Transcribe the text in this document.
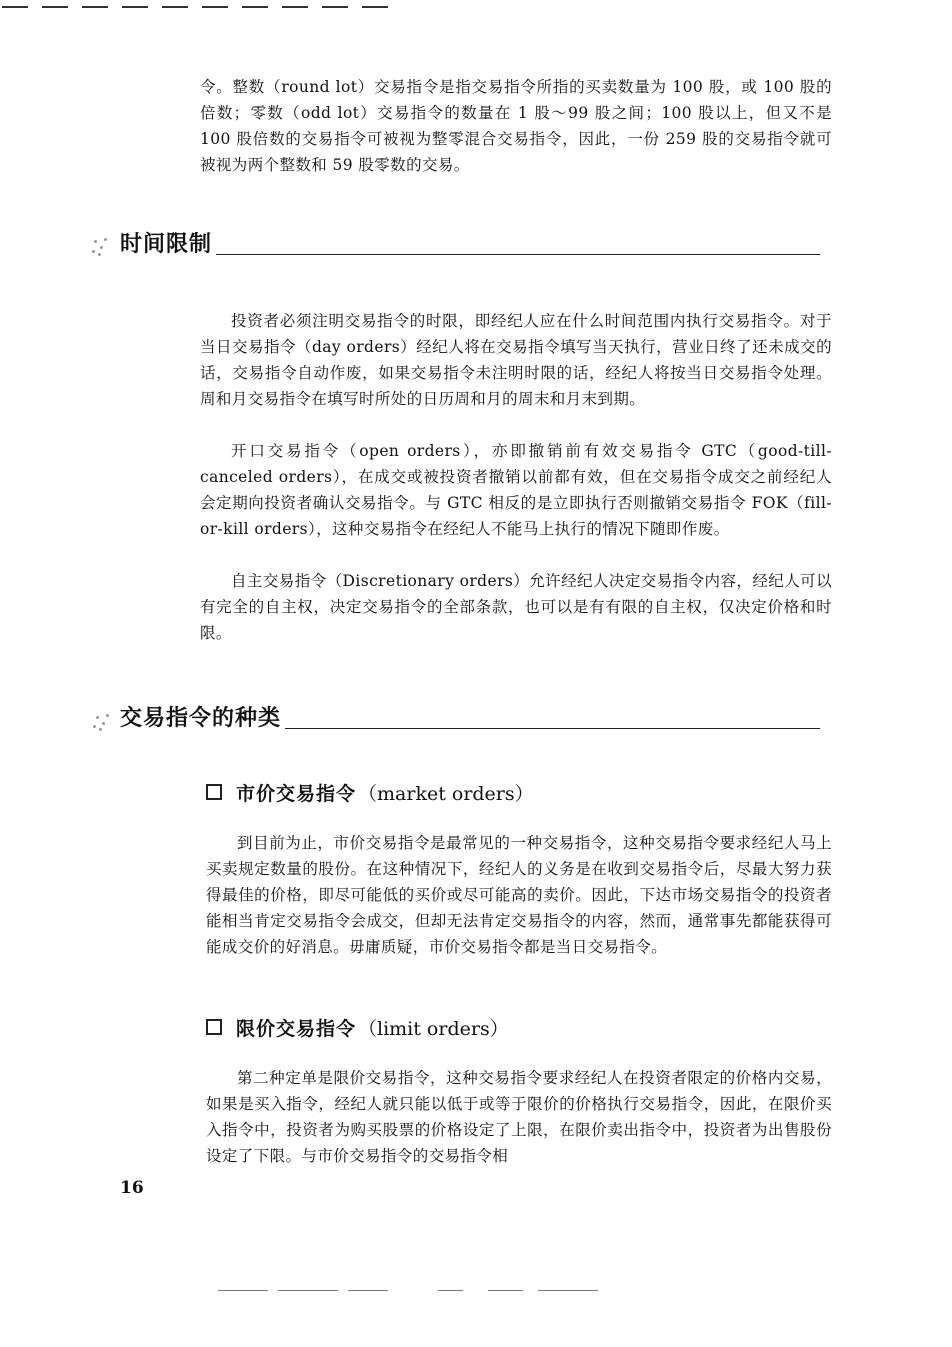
令。整数（round lot）交易指令是指交易指令所指的买卖数量为 100 股，或 100 股的倍数；零数（odd lot）交易指令的数量在 1 股～99 股之间；100 股以上，但又不是 100 股倍数的交易指令可被视为整零混合交易指令，因此，一份 259 股的交易指令就可被视为两个整数和 59 股零数的交易。

时间限制

投资者必须注明交易指令的时限，即经纪人应在什么时间范围内执行交易指令。对于当日交易指令（day orders）经纪人将在交易指令填写当天执行，营业日终了还未成交的话，交易指令自动作废，如果交易指令未注明时限的话，经纪人将按当日交易指令处理。周和月交易指令在填写时所处的日历周和月的周末和月末到期。

开口交易指令（open orders），亦即撤销前有效交易指令 GTC（good-till-canceled orders），在成交或被投资者撤销以前都有效，但在交易指令成交之前经纪人会定期向投资者确认交易指令。与 GTC 相反的是立即执行否则撤销交易指令 FOK（fill-or-kill orders），这种交易指令在经纪人不能马上执行的情况下随即作废。

自主交易指令（Discretionary orders）允许经纪人决定交易指令内容，经纪人可以有完全的自主权，决定交易指令的全部条款，也可以是有有限的自主权，仅决定价格和时限。

交易指令的种类
市价交易指令 （market orders）

到目前为止，市价交易指令是最常见的一种交易指令，这种交易指令要求经纪人马上买卖规定数量的股份。在这种情况下，经纪人的义务是在收到交易指令后，尽最大努力获得最佳的价格，即尽可能低的买价或尽可能高的卖价。因此，下达市场交易指令的投资者能相当肯定交易指令会成交，但却无法肯定交易指令的内容，然而，通常事先都能获得可能成交价的好消息。毋庸质疑，市价交易指令都是当日交易指令。

限价交易指令 （limit orders）

第二种定单是限价交易指令，这种交易指令要求经纪人在投资者限定的价格内交易，如果是买入指令，经纪人就只能以低于或等于限价的价格执行交易指令，因此，在限价买入指令中，投资者为购买股票的价格设定了上限，在限价卖出指令中，投资者为出售股份设定了下限。与市价交易指令的交易指令相

16
